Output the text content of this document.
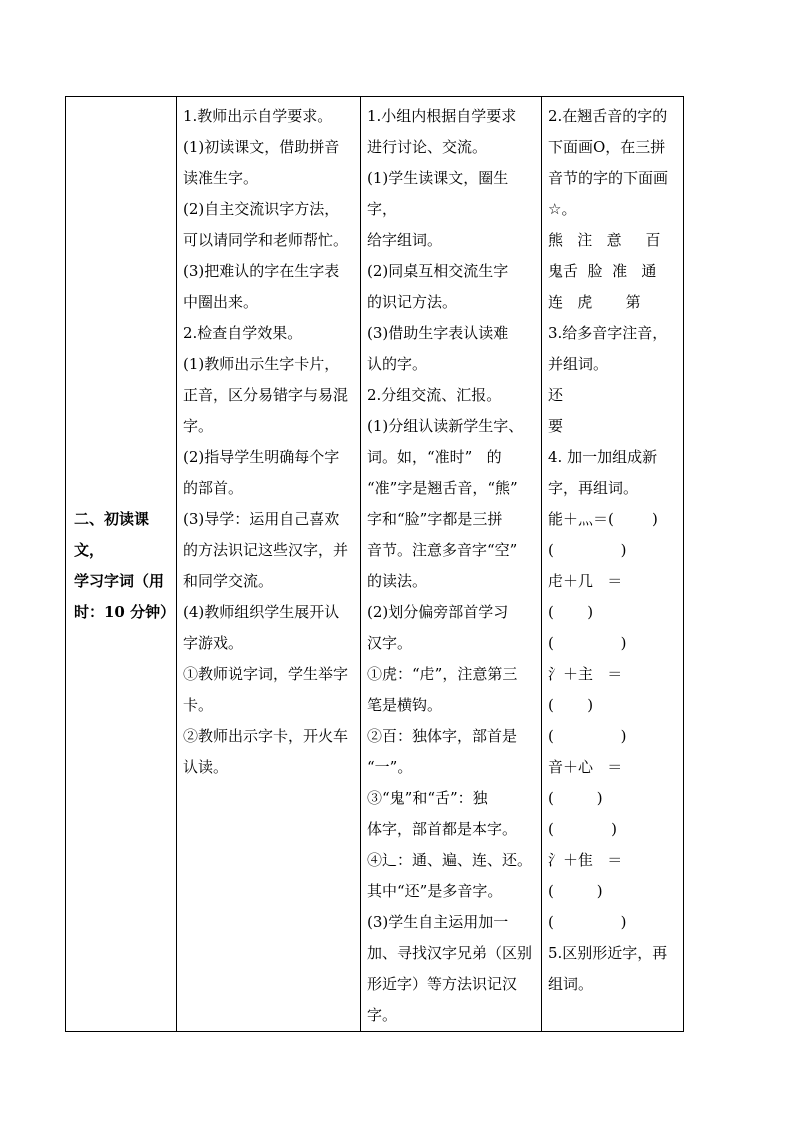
二、初读课文，
学习字词（用
时：10 分钟）

1.教师出示自学要求。
(1)初读课文，借助拼音
读准生字。
(2)自主交流识字方法，
可以请同学和老师帮忙。
(3)把难认的字在生字表
中圈出来。
2.检查自学效果。
(1)教师出示生字卡片，
正音，区分易错字与易混
字。
(2)指导学生明确每个字
的部首。
(3)导学：运用自己喜欢
的方法识记这些汉字，并
和同学交流。
(4)教师组织学生展开认
字游戏。
①教师说字词，学生举字
卡。
②教师出示字卡，开火车
认读。

1.小组内根据自学要求
进行讨论、交流。
(1)学生读课文，圈生字，
给字组词。
(2)同桌互相交流生字
的识记方法。
(3)借助生字表认读难
认的字。
2.分组交流、汇报。
(1)分组认读新学生字、
词。如，“准时”   的
“准”字是翘舌音，“熊”
字和“脸”字都是三拼
音节。注意多音字“空”
的读法。
(2)划分偏旁部首学习
汉字。
①虎：“虍”，注意第三
笔是横钩。
②百：独体字，部首是
“一”。
③“鬼”和“舌”：独
体字，部首都是本字。
④辶：通、遍、连、还。
其中“还”是多音字。
(3)学生自主运用加一
加、寻找汉字兄弟（区别
形近字）等方法识记汉
字。

2.在翘舌音的字的
下面画O，在三拼
音节的字的下面画
☆。
熊   注   意     百
鬼舌  脸  准   通
连   虎       第
3.给多音字注音，
并组词。
还
要
4. 加一加组成新
字，再组词。
能＋灬＝(        )
(              )
虍＋几   ＝
(       )
(              )
氵＋主   ＝
(       )
(              )
音＋心   ＝
(         )
(            )
氵＋隹   ＝
(         )
(              )
5.区别形近字，再
组词。
